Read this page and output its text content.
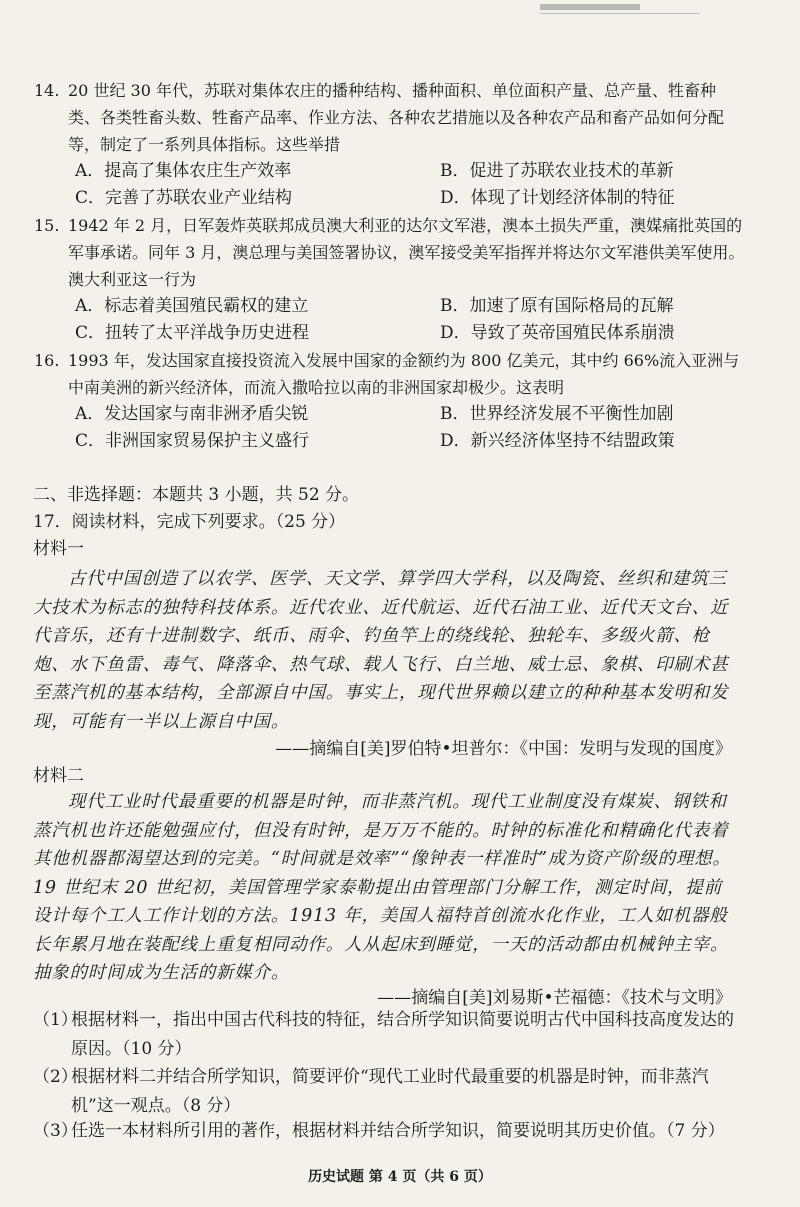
14. 20 世纪 30 年代，苏联对集体农庄的播种结构、播种面积、单位面积产量、总产量、牲畜种类、各类牲畜头数、牲畜产品率、作业方法、各种农艺措施以及各种农产品和畜产品如何分配等，制定了一系列具体指标。这些举措
A．提高了集体农庄生产效率	B．促进了苏联农业技术的革新
C．完善了苏联农业产业结构	D．体现了计划经济体制的特征
15. 1942 年 2 月，日军轰炸英联邦成员澳大利亚的达尔文军港，澳本土损失严重，澳媒痛批英国的军事承诺。同年 3 月，澳总理与美国签署协议，澳军接受美军指挥并将达尔文军港供美军使用。澳大利亚这一行为
A．标志着美国殖民霸权的建立	B．加速了原有国际格局的瓦解
C．扭转了太平洋战争历史进程	D．导致了英帝国殖民体系崩溃
16. 1993 年，发达国家直接投资流入发展中国家的金额约为 800 亿美元，其中约 66%流入亚洲与中南美洲的新兴经济体，而流入撒哈拉以南的非洲国家却极少。这表明
A．发达国家与南非洲矛盾尖锐	B．世界经济发展不平衡性加剧
C．非洲国家贸易保护主义盛行	D．新兴经济体坚持不结盟政策
二、非选择题：本题共 3 小题，共 52 分。
17．阅读材料，完成下列要求。（25 分）
材料一
古代中国创造了以农学、医学、天文学、算学四大学科，以及陶瓷、丝织和建筑三大技术为标志的独特科技体系。近代农业、近代航运、近代石油工业、近代天文台、近代音乐，还有十进制数字、纸币、雨伞、钓鱼竿上的绕线轮、独轮车、多级火箭、枪炮、水下鱼雷、毒气、降落伞、热气球、载人飞行、白兰地、威士忌、象棋、印刷术甚至蒸汽机的基本结构，全部源自中国。事实上，现代世界赖以建立的种种基本发明和发现，可能有一半以上源自中国。
——摘编自[美]罗伯特•坦普尔：《中国：发明与发现的国度》
材料二
现代工业时代最重要的机器是时钟，而非蒸汽机。现代工业制度没有煤炭、钢铁和蒸汽机也许还能勉强应付，但没有时钟，是万万不能的。时钟的标准化和精确化代表着其他机器都渴望达到的完美。“时间就是效率”“像钟表一样准时”成为资产阶级的理想。19 世纪末 20 世纪初，美国管理学家泰勒提出由管理部门分解工作，测定时间，提前设计每个工人工作计划的方法。1913 年，美国人福特首创流水化作业，工人如机器般长年累月地在装配线上重复相同动作。人从起床到睡觉，一天的活动都由机械钟主宰。抽象的时间成为生活的新媒介。
——摘编自[美]刘易斯•芒福德：《技术与文明》
（1）
根据材料一，指出中国古代科技的特征，结合所学知识简要说明古代中国科技高度发达的原因。（10 分）
（2）
根据材料二并结合所学知识，简要评价“现代工业时代最重要的机器是时钟，而非蒸汽机”这一观点。（8 分）
（3）
任选一本材料所引用的著作，根据材料并结合所学知识，简要说明其历史价值。（7 分）
历史试题 第 4 页（共 6 页）
